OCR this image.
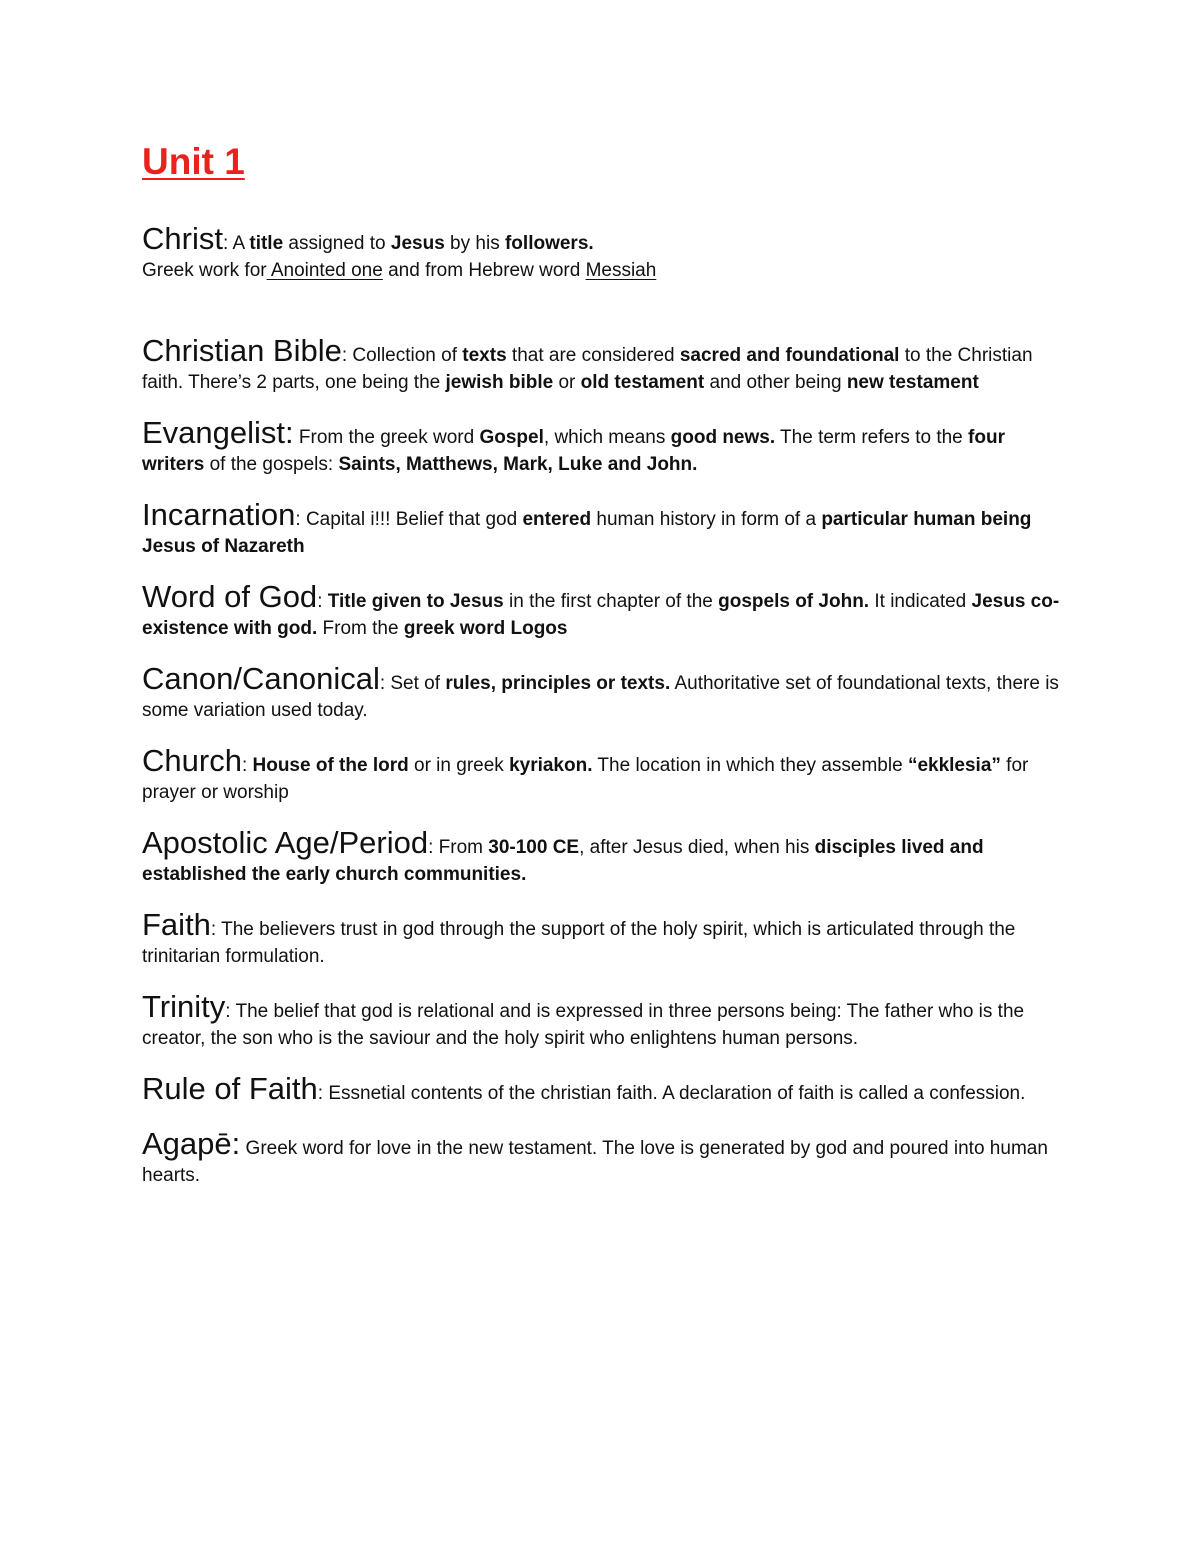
Unit 1

Christ: A title assigned to Jesus by his followers.
Greek work for Anointed one and from Hebrew word Messiah

Christian Bible: Collection of texts that are considered sacred and foundational to the Christian faith. There’s 2 parts, one being the jewish bible or old testament and other being new testament

Evangelist: From the greek word Gospel, which means good news. The term refers to the four writers of the gospels: Saints, Matthews, Mark, Luke and John.

Incarnation: Capital i!!! Belief that god entered human history in form of a particular human being Jesus of Nazareth

Word of God: Title given to Jesus in the first chapter of the gospels of John. It indicated Jesus co-existence with god. From the greek word Logos

Canon/Canonical: Set of rules, principles or texts. Authoritative set of foundational texts, there is some variation used today.

Church: House of the lord or in greek kyriakon. The location in which they assemble “ekklesia” for prayer or worship

Apostolic Age/Period: From 30-100 CE, after Jesus died, when his disciples lived and established the early church communities.

Faith: The believers trust in god through the support of the holy spirit, which is articulated through the trinitarian formulation.

Trinity: The belief that god is relational and is expressed in three persons being: The father who is the creator, the son who is the saviour and the holy spirit who enlightens human persons.

Rule of Faith: Essnetial contents of the christian faith. A declaration of faith is called a confession.

Agapē: Greek word for love in the new testament. The love is generated by god and poured into human hearts.
